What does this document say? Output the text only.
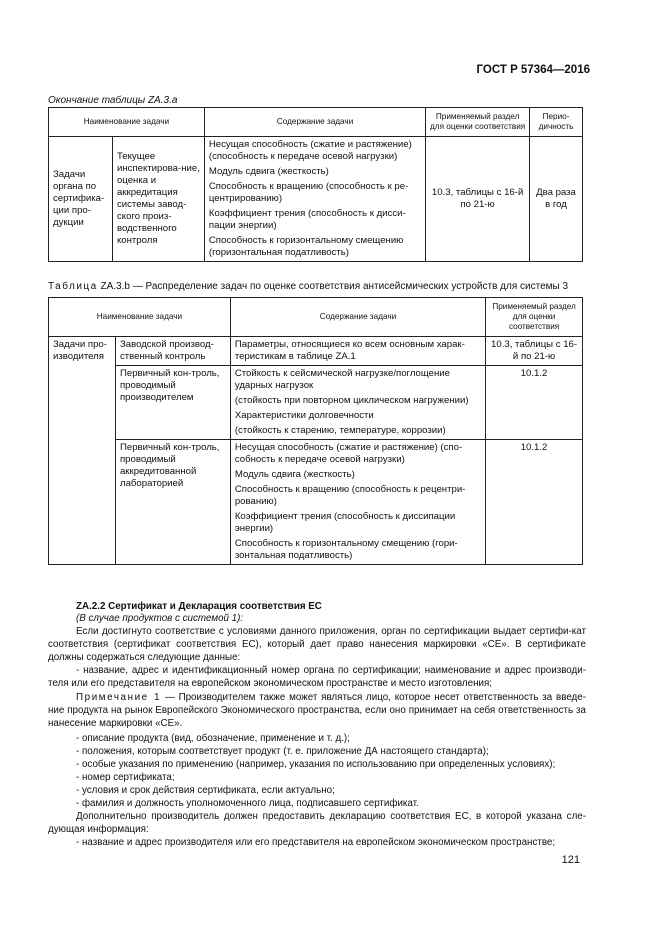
ГОСТ Р 57364—2016
Окончание таблицы ZA.3.a
Наименование задачи		Содержание задачи	Применяемый раздел для оценки соответствия	Перио-дичность
Задачи органа по сертифика-ции про-дукции	Текущее инспектирова-ние, оценка и аккредитация системы завод-ского произ-водственного контроля	Несущая способность (сжатие и растяжение) (способность к передаче осевой нагрузки)

Модуль сдвига (жесткость)

Способность к вращению (способность к ре-центрированию)

Коэффициент трения (способность к дисси-пации энергии)

Способность к горизонтальному смещению (горизонтальная податливость)	10.3, таблицы с 16-й по 21-ю	Два раза в год
Таблица ZA.3.b — Распределение задач по оценке соответствия антисейсмических устройств для системы 3
Наименование задачи		Содержание задачи	Применяемый раздел для оценки соответствия
Задачи про-изводителя	Заводской производ-ственный контроль	Параметры, относящиеся ко всем основным харак-теристикам в таблице ZA.1	10.3, таблицы с 16-й по 21-ю
	Первичный кон-троль, проводимый производителем	Стойкость к сейсмической нагрузке/поглощение ударных нагрузок

(стойкость при повторном циклическом нагружении)

Характеристики долговечности

(стойкость к старению, температуре, коррозии)	10.1.2
	Первичный кон-троль, проводимый аккредитованной лабораторией	Несущая способность (сжатие и растяжение) (спо-собность к передаче осевой нагрузки)

Модуль сдвига (жесткость)

Способность к вращению (способность к рецентри-рованию)

Коэффициент трения (способность к диссипации энергии)

Способность к горизонтальному смещению (гори-зонтальная податливость)	10.1.2
ZA.2.2 Сертификат и Декларация соответствия ЕС
(В случае продуктов с системой 1):
Если достигнуто соответствие с условиями данного приложения, орган по сертификации выдает сертифи-кат соответствия (сертификат соответствия ЕС), который дает право нанесения маркировки «СЕ». В сертификате должны содержаться следующие данные:
- название, адрес и идентификационный номер органа по сертификации; наименование и адрес производи-теля или его представителя на европейском экономическом пространстве и место изготовления;
Примечание 1 — Производителем также может являться лицо, которое несет ответственность за введе-ние продукта на рынок Европейского Экономического пространства, если оно принимает на себя ответственность за нанесение маркировки «СЕ».
- описание продукта (вид, обозначение, применение и т. д.);
- положения, которым соответствует продукт (т. е. приложение ДА настоящего стандарта);
- особые указания по применению (например, указания по использованию при определенных условиях);
- номер сертификата;
- условия и срок действия сертификата, если актуально;
- фамилия и должность уполномоченного лица, подписавшего сертификат.
Дополнительно производитель должен предоставить декларацию соответствия ЕС, в которой указана сле-дующая информация:
- название и адрес производителя или его представителя на европейском экономическом пространстве;
121
